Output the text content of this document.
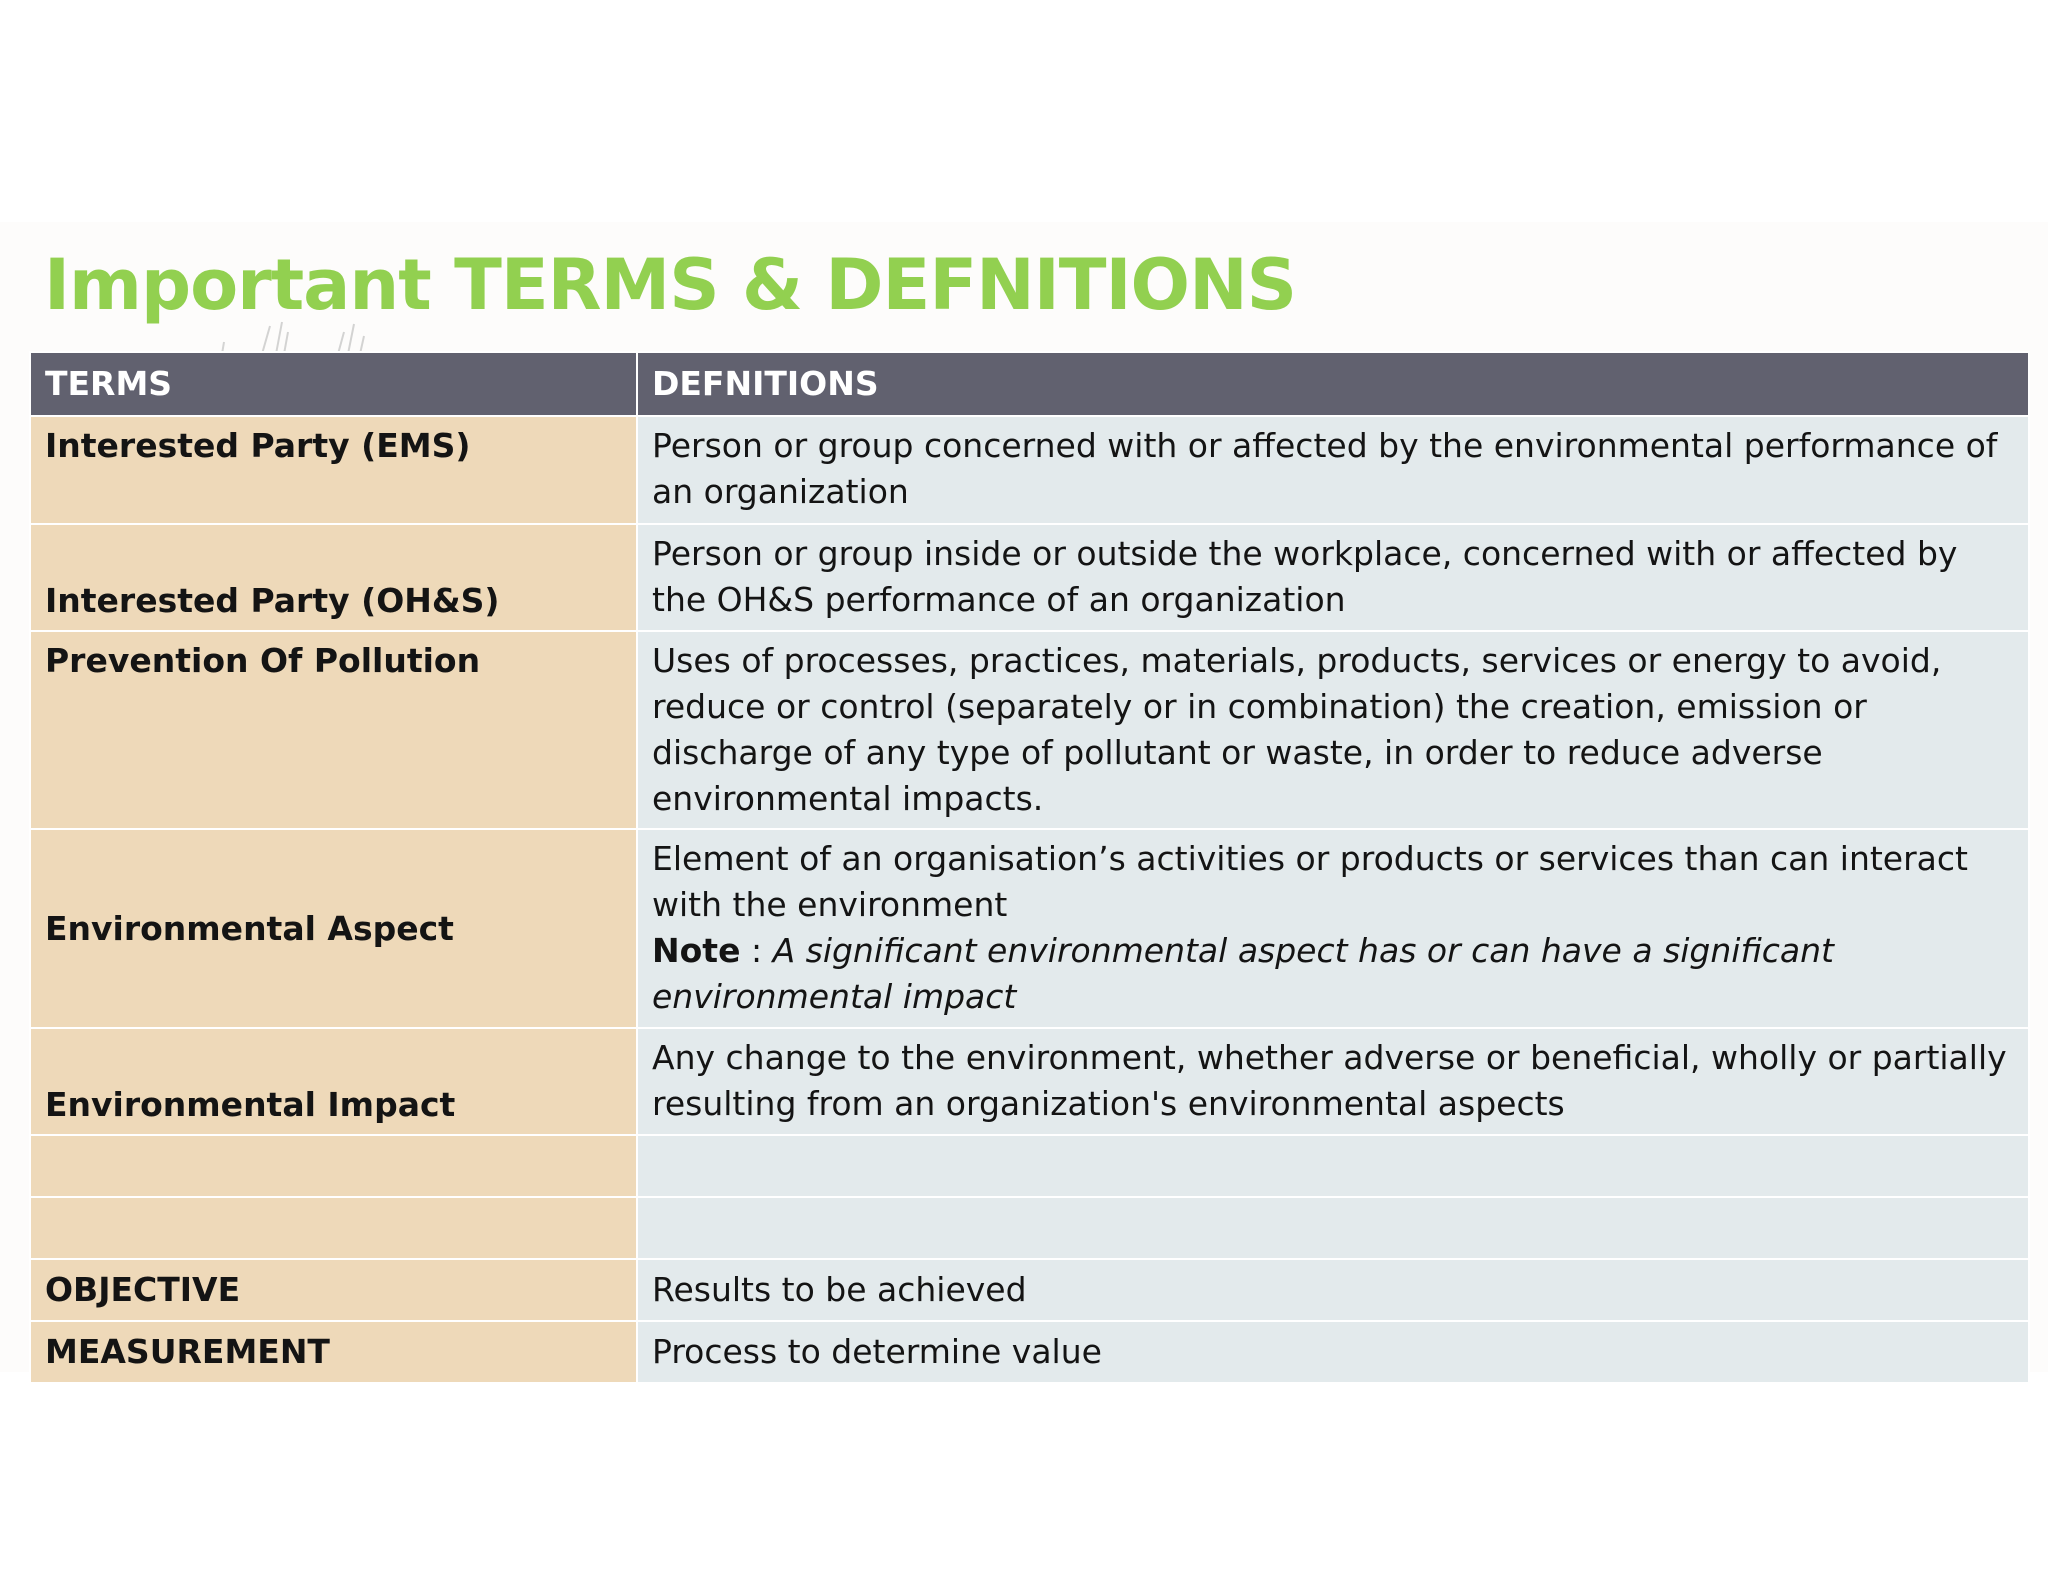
Important TERMS & DEFNITIONS
TERMS	DEFNITIONS
Interested Party (EMS)	Person or group concerned with or affected by the environmental performance of an organization
Interested Party (OH&S)	Person or group inside or outside the workplace, concerned with or affected by the OH&S performance of an organization
Prevention Of Pollution	Uses of processes, practices, materials, products, services or energy to avoid, reduce or control (separately or in combination) the creation, emission or discharge of any type of pollutant or waste, in order to reduce adverse environmental impacts.
Environmental Aspect	Element of an organisation’s activities or products or services than can interact with the environment
Note : A significant environmental aspect has or can have a significant environmental impact
Environmental Impact	Any change to the environment, whether adverse or beneficial, wholly or partially resulting from an organization's environmental aspects

OBJECTIVE	Results to be achieved
MEASUREMENT	Process to determine value
